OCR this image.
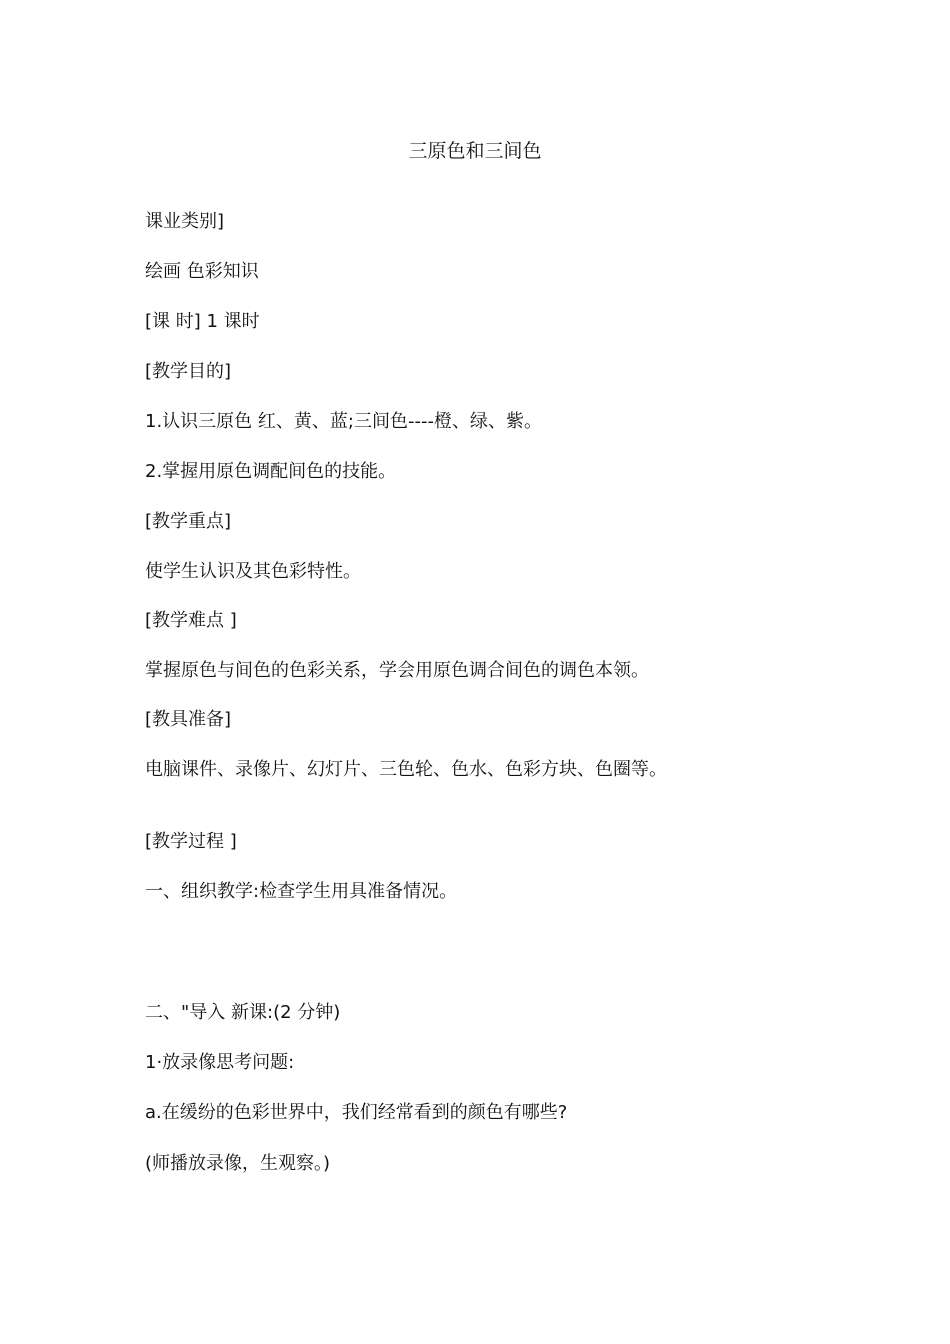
三原色和三间色
课业类别]
绘画 色彩知识
[课 时] 1 课时
[教学目的]
1.认识三原色 红、黄、蓝;三间色----橙、绿、紫。
2.掌握用原色调配间色的技能。
[教学重点]
使学生认识及其色彩特性。
[教学难点 ]
掌握原色与间色的色彩关系，学会用原色调合间色的调色本领。
[教具准备]
电脑课件、录像片、幻灯片、三色轮、色水、色彩方块、色圈等。
[教学过程 ]
一、组织教学:检查学生用具准备情况。
二、"导入 新课:(2 分钟)
1·放录像思考问题:
a.在缓纷的色彩世界中，我们经常看到的颜色有哪些?
(师播放录像，生观察。)
